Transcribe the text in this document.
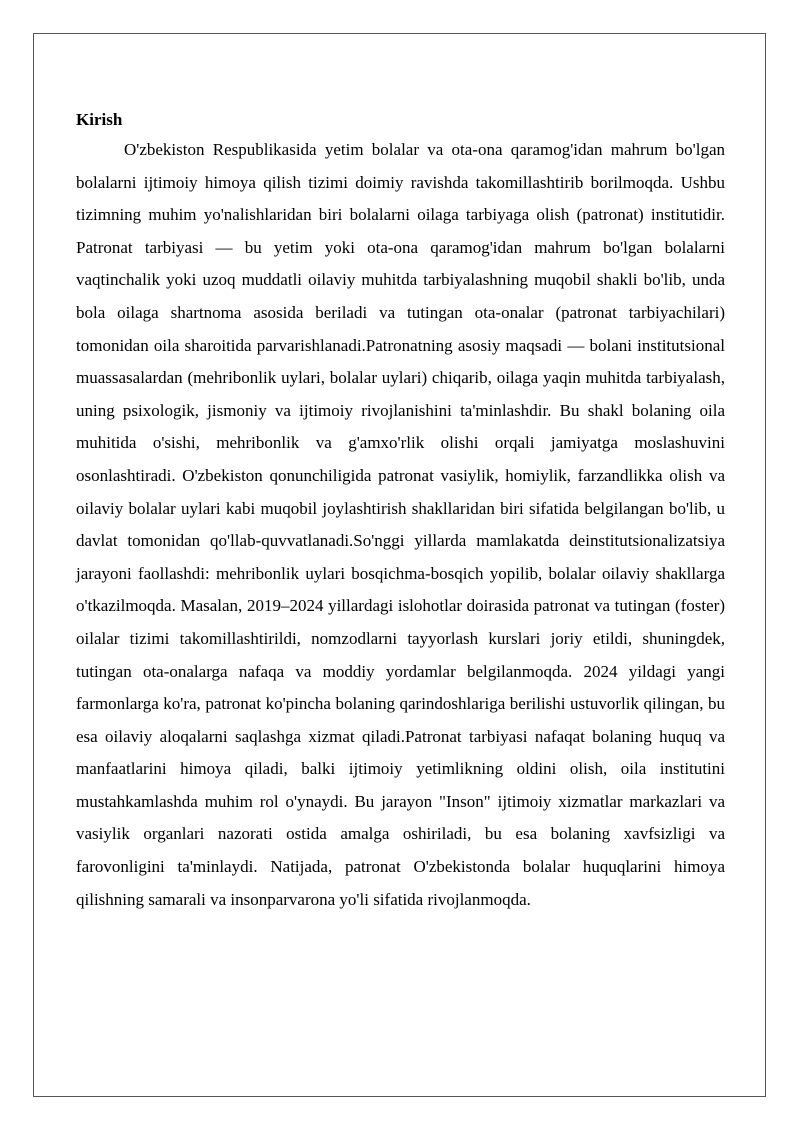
Kirish

O'zbekiston Respublikasida yetim bolalar va ota-ona qaramog'idan mahrum bo'lgan bolalarni ijtimoiy himoya qilish tizimi doimiy ravishda takomillashtirib borilmoqda. Ushbu tizimning muhim yo'nalishlaridan biri bolalarni oilaga tarbiyaga olish (patronat) institutidir. Patronat tarbiyasi — bu yetim yoki ota-ona qaramog'idan mahrum bo'lgan bolalarni vaqtinchalik yoki uzoq muddatli oilaviy muhitda tarbiyalashning muqobil shakli bo'lib, unda bola oilaga shartnoma asosida beriladi va tutingan ota-onalar (patronat tarbiyachilari) tomonidan oila sharoitida parvarishlanadi.Patronatning asosiy maqsadi — bolani institutsional muassasalardan (mehribonlik uylari, bolalar uylari) chiqarib, oilaga yaqin muhitda tarbiyalash, uning psixologik, jismoniy va ijtimoiy rivojlanishini ta'minlashdir. Bu shakl bolaning oila muhitida o'sishi, mehribonlik va g'amxo'rlik olishi orqali jamiyatga moslashuvini osonlashtiradi. O'zbekiston qonunchiligida patronat vasiylik, homiylik, farzandlikka olish va oilaviy bolalar uylari kabi muqobil joylashtirish shakllaridan biri sifatida belgilangan bo'lib, u davlat tomonidan qo'llab-quvvatlanadi.So'nggi yillarda mamlakatda deinstitutsionalizatsiya jarayoni faollashdi: mehribonlik uylari bosqichma-bosqich yopilib, bolalar oilaviy shakllarga o'tkazilmoqda. Masalan, 2019–2024 yillardagi islohotlar doirasida patronat va tutingan (foster) oilalar tizimi takomillashtirildi, nomzodlarni tayyorlash kurslari joriy etildi, shuningdek, tutingan ota-onalarga nafaqa va moddiy yordamlar belgilanmoqda. 2024 yildagi yangi farmonlarga ko'ra, patronat ko'pincha bolaning qarindoshlariga berilishi ustuvorlik qilingan, bu esa oilaviy aloqalarni saqlashga xizmat qiladi.Patronat tarbiyasi nafaqat bolaning huquq va manfaatlarini himoya qiladi, balki ijtimoiy yetimlikning oldini olish, oila institutini mustahkamlashda muhim rol o'ynaydi. Bu jarayon "Inson" ijtimoiy xizmatlar markazlari va vasiylik organlari nazorati ostida amalga oshiriladi, bu esa bolaning xavfsizligi va farovonligini ta'minlaydi. Natijada, patronat O'zbekistonda bolalar huquqlarini himoya qilishning samarali va insonparvarona yo'li sifatida rivojlanmoqda.
